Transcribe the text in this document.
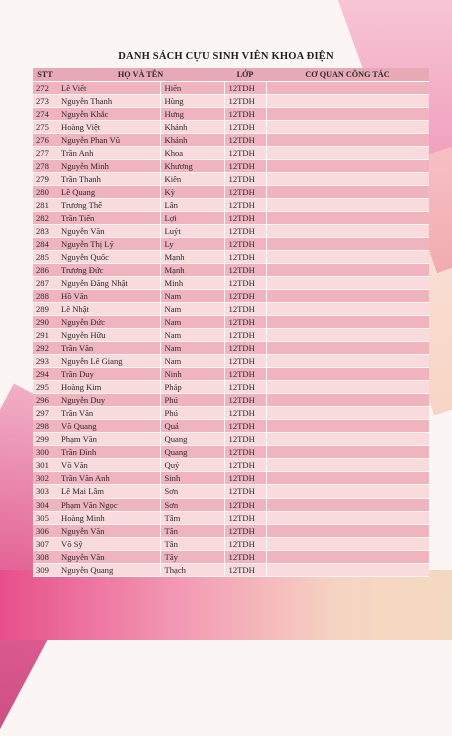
DANH SÁCH CỰU SINH VIÊN KHOA ĐIỆN
STT	HỌ VÀ TÊN		LỚP	CƠ QUAN CÔNG TÁC
272	Lê Viết	Hiển	12TDH	
273	Nguyễn Thanh	Hùng	12TDH	
274	Nguyễn Khắc	Hưng	12TDH	
275	Hoàng Việt	Khánh	12TDH	
276	Nguyễn Phan Vũ	Khánh	12TDH	
277	Trần Anh	Khoa	12TDH	
278	Nguyễn Minh	Khương	12TDH	
279	Trần Thanh	Kiên	12TDH	
280	Lê Quang	Kỳ	12TDH	
281	Trương Thế	Lân	12TDH	
282	Trần Tiến	Lợi	12TDH	
283	Nguyễn Văn	Luýt	12TDH	
284	Nguyễn Thị Lý	Ly	12TDH	
285	Nguyễn Quốc	Mạnh	12TDH	
286	Trương Đức	Mạnh	12TDH	
287	Nguyễn Đăng Nhật	Minh	12TDH	
288	Hồ Văn	Nam	12TDH	
289	Lê Nhật	Nam	12TDH	
290	Nguyễn Đức	Nam	12TDH	
291	Nguyễn Hữu	Nam	12TDH	
292	Trần Văn	Nam	12TDH	
293	Nguyễn Lê Giang	Nam	12TDH	
294	Trần Duy	Ninh	12TDH	
295	Hoàng Kim	Pháp	12TDH	
296	Nguyễn Duy	Phú	12TDH	
297	Trần Văn	Phú	12TDH	
298	Võ Quang	Quả	12TDH	
299	Phạm Văn	Quang	12TDH	
300	Trần Đình	Quang	12TDH	
301	Võ Văn	Quý	12TDH	
302	Trần Văn Anh	Sinh	12TDH	
303	Lê Mai Lâm	Sơn	12TDH	
304	Phạm Văn Ngọc	Sơn	12TDH	
305	Hoàng Minh	Tâm	12TDH	
306	Nguyễn Văn	Tân	12TDH	
307	Võ Sỹ	Tân	12TDH	
308	Nguyễn Văn	Tây	12TDH	
309	Nguyễn Quang	Thạch	12TDH	
